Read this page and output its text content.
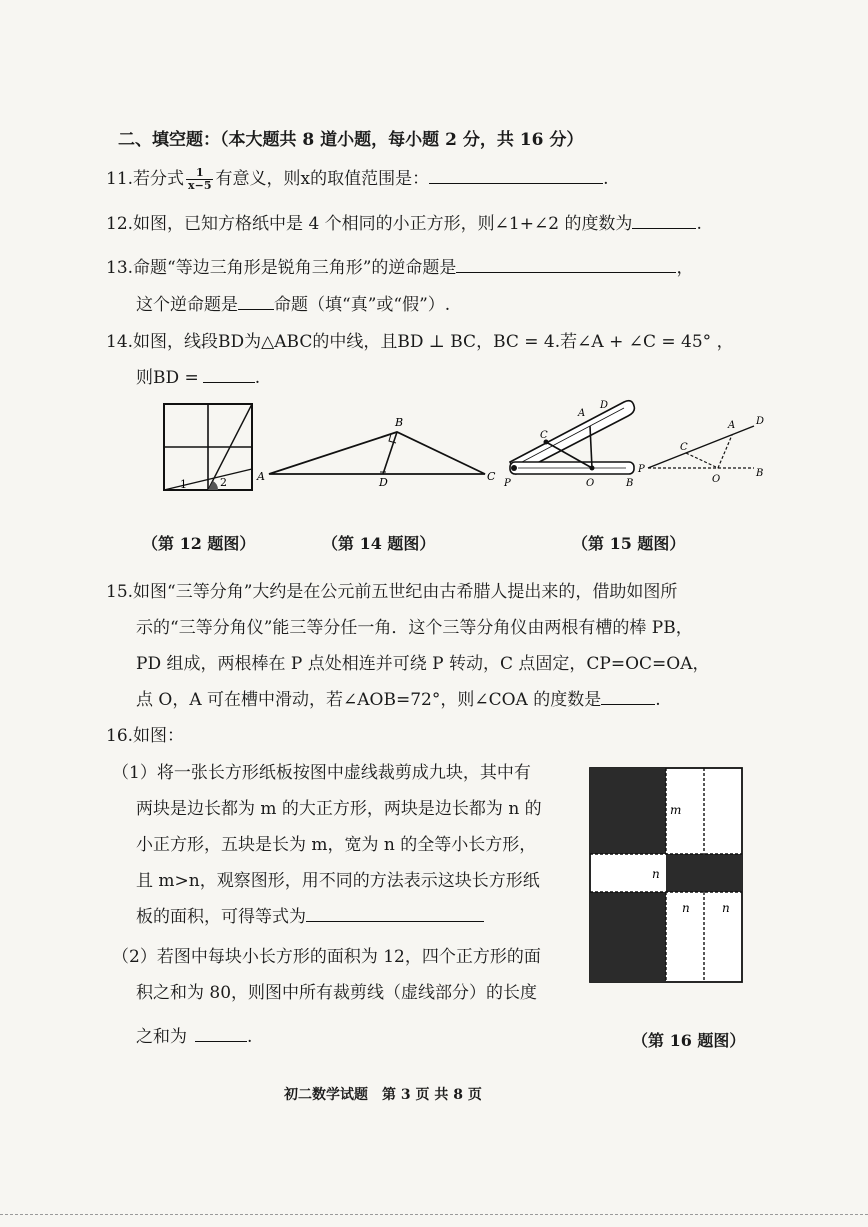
二、填空题：（本大题共 8 道小题，每小题 2 分，共 16 分）
11.若分式 $\frac{1}{x-5}$ 有意义，则x的取值范围是：	.
12.如图，已知方格纸中是 4 个相同的小正方形，则∠1+∠2 的度数为	.
13.命题“等边三角形是锐角三角形”的逆命题是	，
这个逆命题是 命题（填“真”或“假”）.
14.如图，线段BD为△ABC的中线，且BD ⊥ BC，BC = 4.若∠A + ∠C = 45° ，
则BD =	.
1	2	A
B
C
D
A
D
C
P	O	B
A D
C
P
O
B
（第 12 题图）	（第 14 题图）	（第 15 题图）
15.如图“三等分角”大约是在公元前五世纪由古希腊人提出来的，借助如图所
示的“三等分角仪”能三等分任一角．这个三等分角仪由两根有槽的棒 PB，
PD 组成，两根棒在 P 点处相连并可绕 P 转动，C 点固定，CP=OC=OA，
点 O，A 可在槽中滑动，若∠AOB=72°，则∠COA 的度数是	.
16.如图：
（1）将一张长方形纸板按图中虚线裁剪成九块，其中有
两块是边长都为 m 的大正方形，两块是边长都为 n 的
小正方形，五块是长为 m，宽为 n 的全等小长方形，
且 m>n，观察图形，用不同的方法表示这块长方形纸
板的面积，可得等式为
（2）若图中每块小长方形的面积为 12，四个正方形的面
积之和为 80，则图中所有裁剪线（虚线部分）的长度
之和为	.
m
n
n	n
（第 16 题图）
初二数学试题　第 3 页 共 8 页
